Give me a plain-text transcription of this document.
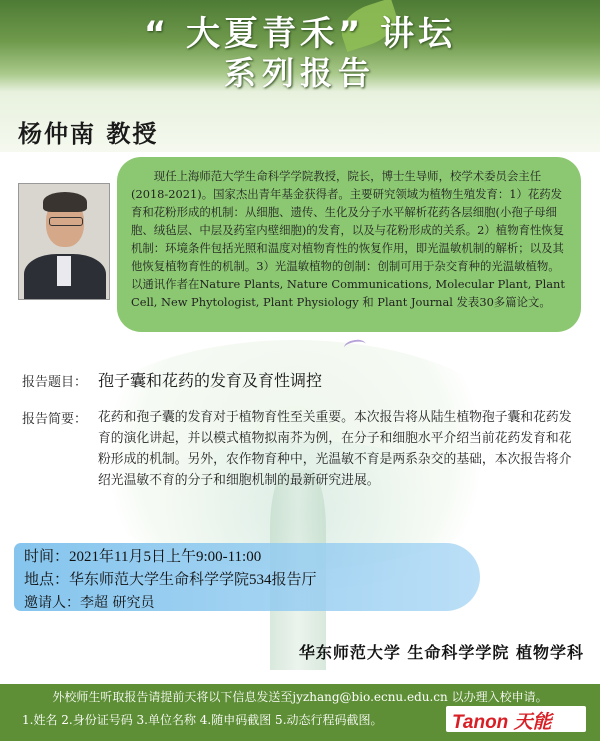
“ 大夏青禾” 讲坛
系列报告
杨仲南 教授
现任上海师范大学生命科学学院教授，院长，博士生导师，校学术委员会主任(2018-2021)。国家杰出青年基金获得者。主要研究领域为植物生殖发育：1）花药发育和花粉形成的机制：从细胞、遗传、生化及分子水平解析花药各层细胞(小孢子母细胞、绒毡层、中层及药室内壁细胞)的发育，以及与花粉形成的关系。2）植物育性恢复机制：环境条件包括光照和温度对植物育性的恢复作用，即光温敏机制的解析；以及其他恢复植物育性的机制。3）光温敏植物的创制：创制可用于杂交育种的光温敏植物。以通讯作者在Nature Plants, Nature Communications, Molecular Plant, Plant Cell, New Phytologist, Plant Physiology 和 Plant Journal 发表30多篇论文。
报告题目： 孢子囊和花药的发育及育性调控
报告简要： 花药和孢子囊的发育对于植物育性至关重要。本次报告将从陆生植物孢子囊和花药发育的演化讲起，并以模式植物拟南芥为例，在分子和细胞水平介绍当前花药发育和花粉形成的机制。另外，农作物育种中，光温敏不育是两系杂交的基础，本次报告将介绍光温敏不育的分子和细胞机制的最新研究进展。
时间：2021年11月5日上午9:00-11:00
地点：华东师范大学生命科学学院534报告厅
邀请人：李超 研究员
华东师范大学 生命科学学院 植物学科
外校师生听取报告请提前天将以下信息发送至jyzhang@bio.ecnu.edu.cn 以办理入校申请。
1.姓名 2.身份证号码 3.单位名称 4.随申码截图 5.动态行程码截图。	Tanon 天能
